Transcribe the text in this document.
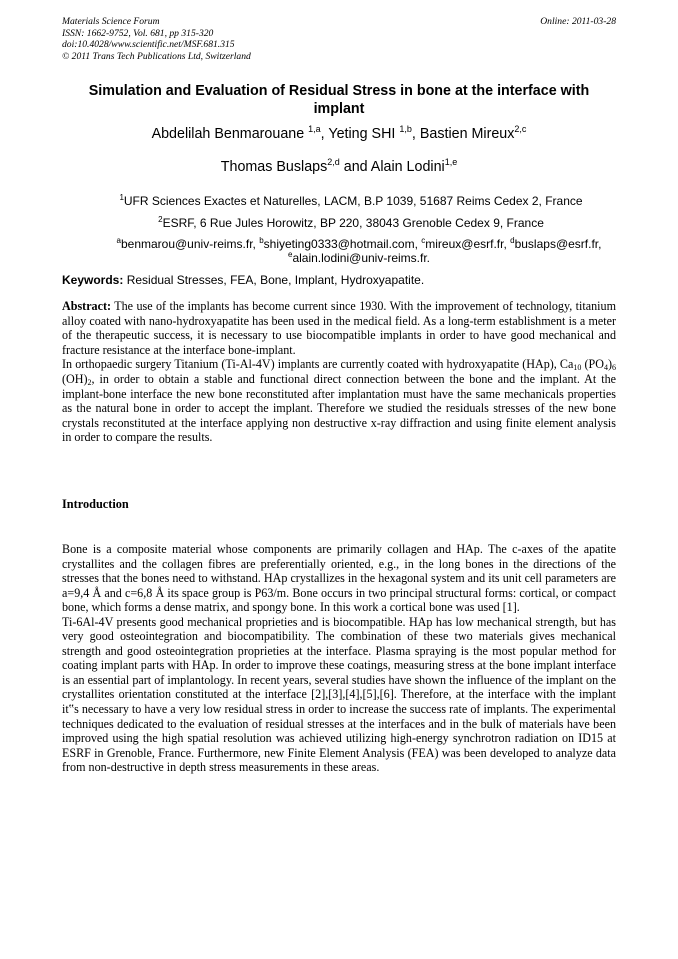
Materials Science Forum
ISSN: 1662-9752, Vol. 681, pp 315-320
doi:10.4028/www.scientific.net/MSF.681.315
© 2011 Trans Tech Publications Ltd, Switzerland
Online: 2011-03-28
Simulation and Evaluation of Residual Stress in bone at the interface with implant
Abdelilah Benmarouane $^{1,a}$, Yeting SHI $^{1,b}$, Bastien Mireux$^{2,c}$
Thomas Buslaps$^{2,d}$ and Alain Lodini$^{1,e}$
$^1$UFR Sciences Exactes et Naturelles, LACM, B.P 1039, 51687 Reims Cedex 2, France
$^2$ESRF, 6 Rue Jules Horowitz, BP 220, 38043 Grenoble Cedex 9, France
$^a$benmarou@univ-reims.fr, $^b$shiyeting0333@hotmail.com, $^c$mireux@esrf.fr, $^d$buslaps@esrf.fr,
$^e$alain.lodini@univ-reims.fr.
Keywords: Residual Stresses, FEA, Bone, Implant, Hydroxyapatite.

Abstract: The use of the implants has become current since 1930. With the improvement of technology, titanium alloy coated with nano-hydroxyapatite has been used in the medical field. As a long-term establishment is a meter of the therapeutic success, it is necessary to use biocompatible implants in order to have good mechanical and fracture resistance at the interface bone-implant.

In orthopaedic surgery Titanium (Ti-Al-4V) implants are currently coated with hydroxyapatite (HAp), $Ca_{10}$ $(PO_4)_6$ $(OH)_2$, in order to obtain a stable and functional direct connection between the bone and the implant. At the implant-bone interface the new bone reconstituted after implantation must have the same mechanicals properties as the natural bone in order to accept the implant. Therefore we studied the residuals stresses of the new bone crystals reconstituted at the interface applying non destructive x-ray diffraction and using finite element analysis in order to compare the results.

Introduction

Bone is a composite material whose components are primarily collagen and HAp. The c-axes of the apatite crystallites and the collagen fibres are preferentially oriented, e.g., in the long bones in the directions of the stresses that the bones need to withstand. HAp crystallizes in the hexagonal system and its unit cell parameters are a=9,4 Å and c=6,8 Å its space group is P63/m. Bone occurs in two principal structural forms: cortical, or compact bone, which forms a dense matrix, and spongy bone. In this work a cortical bone was used [1].

Ti-6Al-4V presents good mechanical proprieties and is biocompatible. HAp has low mechanical strength, but has very good osteointegration and biocompatibility. The combination of these two materials gives mechanical strength and good osteointegration proprieties at the interface. Plasma spraying is the most popular method for coating implant parts with HAp. In order to improve these coatings, measuring stress at the bone implant interface is an essential part of implantology. In recent years, several studies have shown the influence of the implant on the crystallites orientation constituted at the interface [2],[3],[4],[5],[6]. Therefore, at the interface with the implant it‟s necessary to have a very low residual stress in order to increase the success rate of implants. The experimental techniques dedicated to the evaluation of residual stresses at the interfaces and in the bulk of materials have been improved using the high spatial resolution was achieved utilizing high-energy synchrotron radiation on ID15 at ESRF in Grenoble, France. Furthermore, new Finite Element Analysis (FEA) was been developed to analyze data from non-destructive in depth stress measurements in these areas.
